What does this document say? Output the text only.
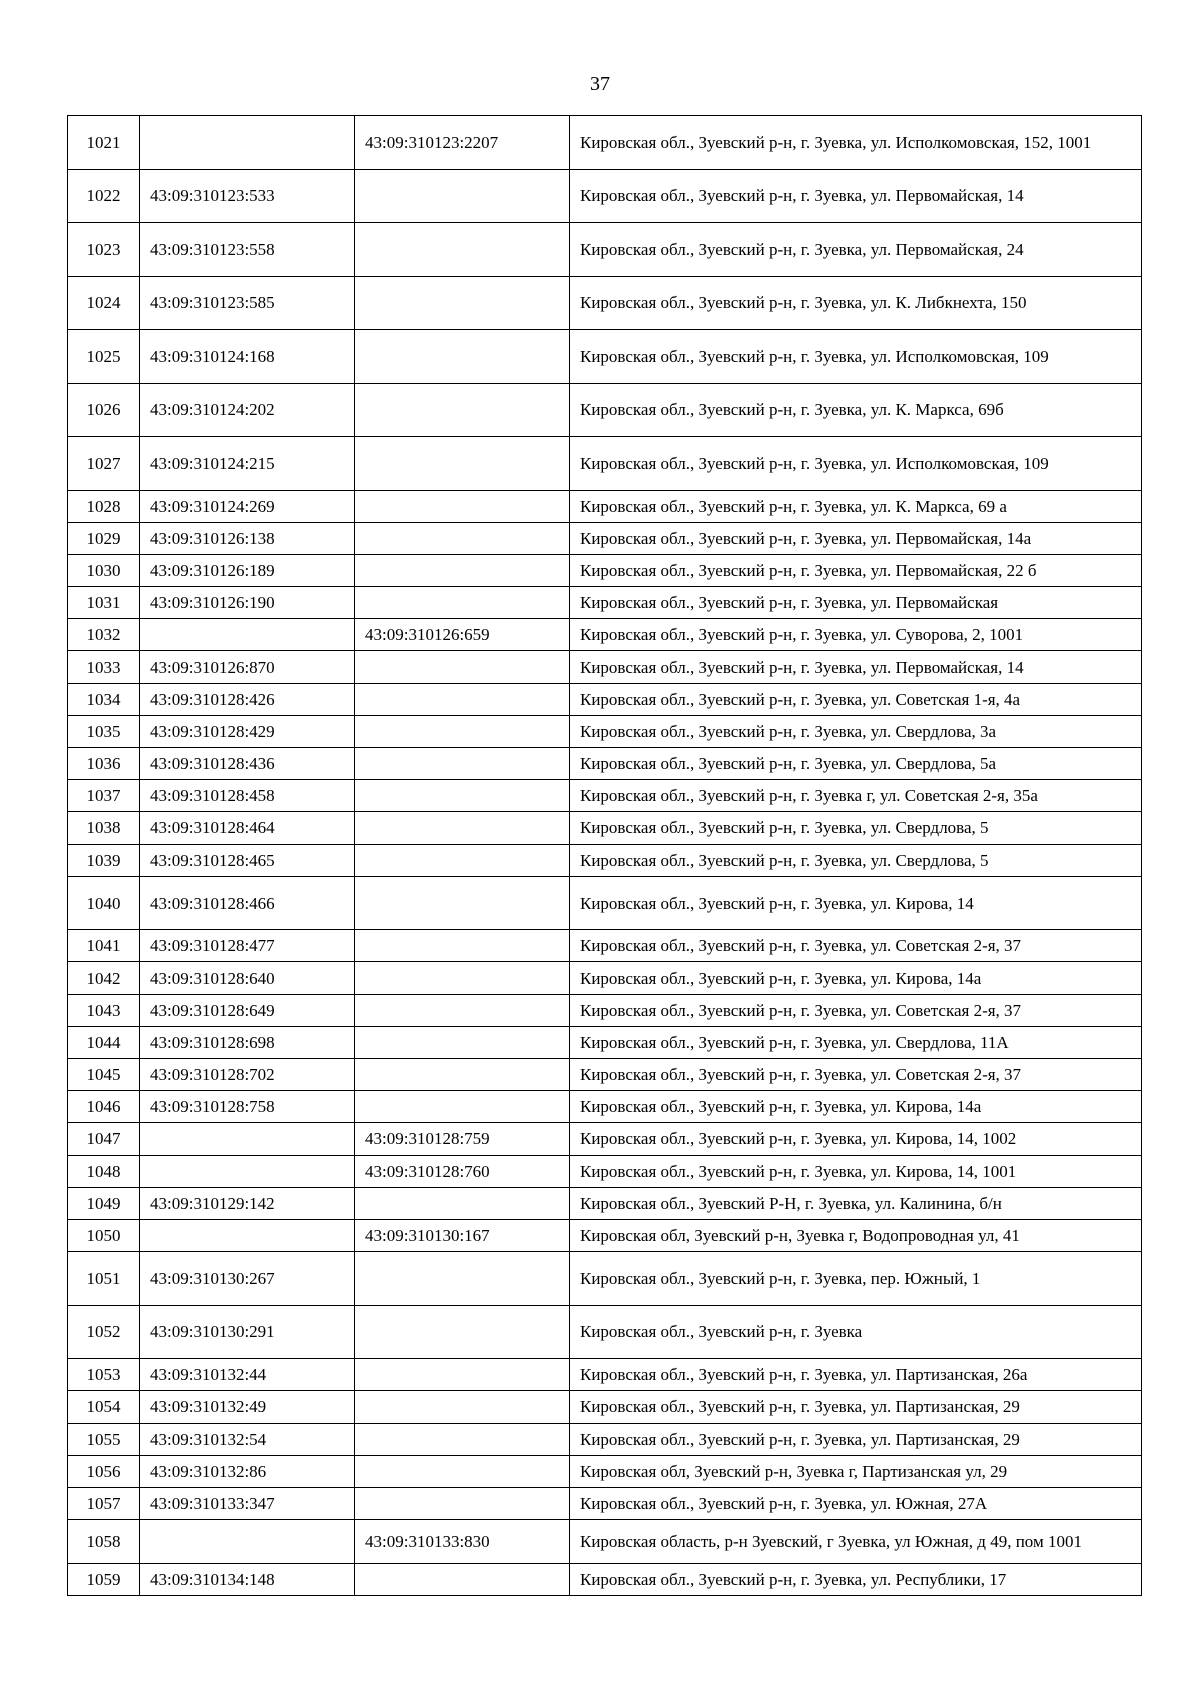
37
1021		43:09:310123:2207	Кировская обл., Зуевский р-н, г. Зуевка, ул. Исполкомовская, 152, 1001
1022	43:09:310123:533		Кировская обл., Зуевский р-н, г. Зуевка, ул. Первомайская, 14
1023	43:09:310123:558		Кировская обл., Зуевский р-н, г. Зуевка, ул. Первомайская, 24
1024	43:09:310123:585		Кировская обл., Зуевский р-н, г. Зуевка, ул. К. Либкнехта, 150
1025	43:09:310124:168		Кировская обл., Зуевский р-н, г. Зуевка, ул. Исполкомовская, 109
1026	43:09:310124:202		Кировская обл., Зуевский р-н, г. Зуевка, ул. К. Маркса, 69б
1027	43:09:310124:215		Кировская обл., Зуевский р-н, г. Зуевка, ул. Исполкомовская, 109
1028	43:09:310124:269		Кировская обл., Зуевский р-н, г. Зуевка, ул. К. Маркса, 69 а
1029	43:09:310126:138		Кировская обл., Зуевский р-н, г. Зуевка, ул. Первомайская, 14а
1030	43:09:310126:189		Кировская обл., Зуевский р-н, г. Зуевка, ул. Первомайская, 22 б
1031	43:09:310126:190		Кировская обл., Зуевский р-н, г. Зуевка, ул. Первомайская
1032		43:09:310126:659	Кировская обл., Зуевский р-н, г. Зуевка, ул. Суворова, 2, 1001
1033	43:09:310126:870		Кировская обл., Зуевский р-н, г. Зуевка, ул. Первомайская, 14
1034	43:09:310128:426		Кировская обл., Зуевский р-н, г. Зуевка, ул. Советская 1-я, 4а
1035	43:09:310128:429		Кировская обл., Зуевский р-н, г. Зуевка, ул. Свердлова, 3а
1036	43:09:310128:436		Кировская обл., Зуевский р-н, г. Зуевка, ул. Свердлова, 5а
1037	43:09:310128:458		Кировская обл., Зуевский р-н, г. Зуевка г, ул. Советская 2-я, 35а
1038	43:09:310128:464		Кировская обл., Зуевский р-н, г. Зуевка, ул. Свердлова, 5
1039	43:09:310128:465		Кировская обл., Зуевский р-н, г. Зуевка, ул. Свердлова, 5
1040	43:09:310128:466		Кировская обл., Зуевский р-н, г. Зуевка, ул. Кирова, 14
1041	43:09:310128:477		Кировская обл., Зуевский р-н, г. Зуевка, ул. Советская 2-я, 37
1042	43:09:310128:640		Кировская обл., Зуевский р-н, г. Зуевка, ул. Кирова, 14а
1043	43:09:310128:649		Кировская обл., Зуевский р-н, г. Зуевка, ул. Советская 2-я, 37
1044	43:09:310128:698		Кировская обл., Зуевский р-н, г. Зуевка, ул. Свердлова, 11А
1045	43:09:310128:702		Кировская обл., Зуевский р-н, г. Зуевка, ул. Советская 2-я, 37
1046	43:09:310128:758		Кировская обл., Зуевский р-н, г. Зуевка, ул. Кирова, 14а
1047		43:09:310128:759	Кировская обл., Зуевский р-н, г. Зуевка, ул. Кирова, 14, 1002
1048		43:09:310128:760	Кировская обл., Зуевский р-н, г. Зуевка, ул. Кирова, 14, 1001
1049	43:09:310129:142		Кировская обл., Зуевский Р-Н, г. Зуевка, ул. Калинина, б/н
1050		43:09:310130:167	Кировская обл, Зуевский р-н, Зуевка г, Водопроводная ул, 41
1051	43:09:310130:267		Кировская обл., Зуевский р-н, г. Зуевка, пер. Южный, 1
1052	43:09:310130:291		Кировская обл., Зуевский р-н, г. Зуевка
1053	43:09:310132:44		Кировская обл., Зуевский р-н, г. Зуевка, ул. Партизанская, 26а
1054	43:09:310132:49		Кировская обл., Зуевский р-н, г. Зуевка, ул. Партизанская, 29
1055	43:09:310132:54		Кировская обл., Зуевский р-н, г. Зуевка, ул. Партизанская, 29
1056	43:09:310132:86		Кировская обл, Зуевский р-н, Зуевка г, Партизанская ул, 29
1057	43:09:310133:347		Кировская обл., Зуевский р-н, г. Зуевка, ул. Южная, 27А
1058		43:09:310133:830	Кировская область, р-н Зуевский, г Зуевка, ул Южная, д 49, пом 1001
1059	43:09:310134:148		Кировская обл., Зуевский р-н, г. Зуевка, ул. Республики, 17
